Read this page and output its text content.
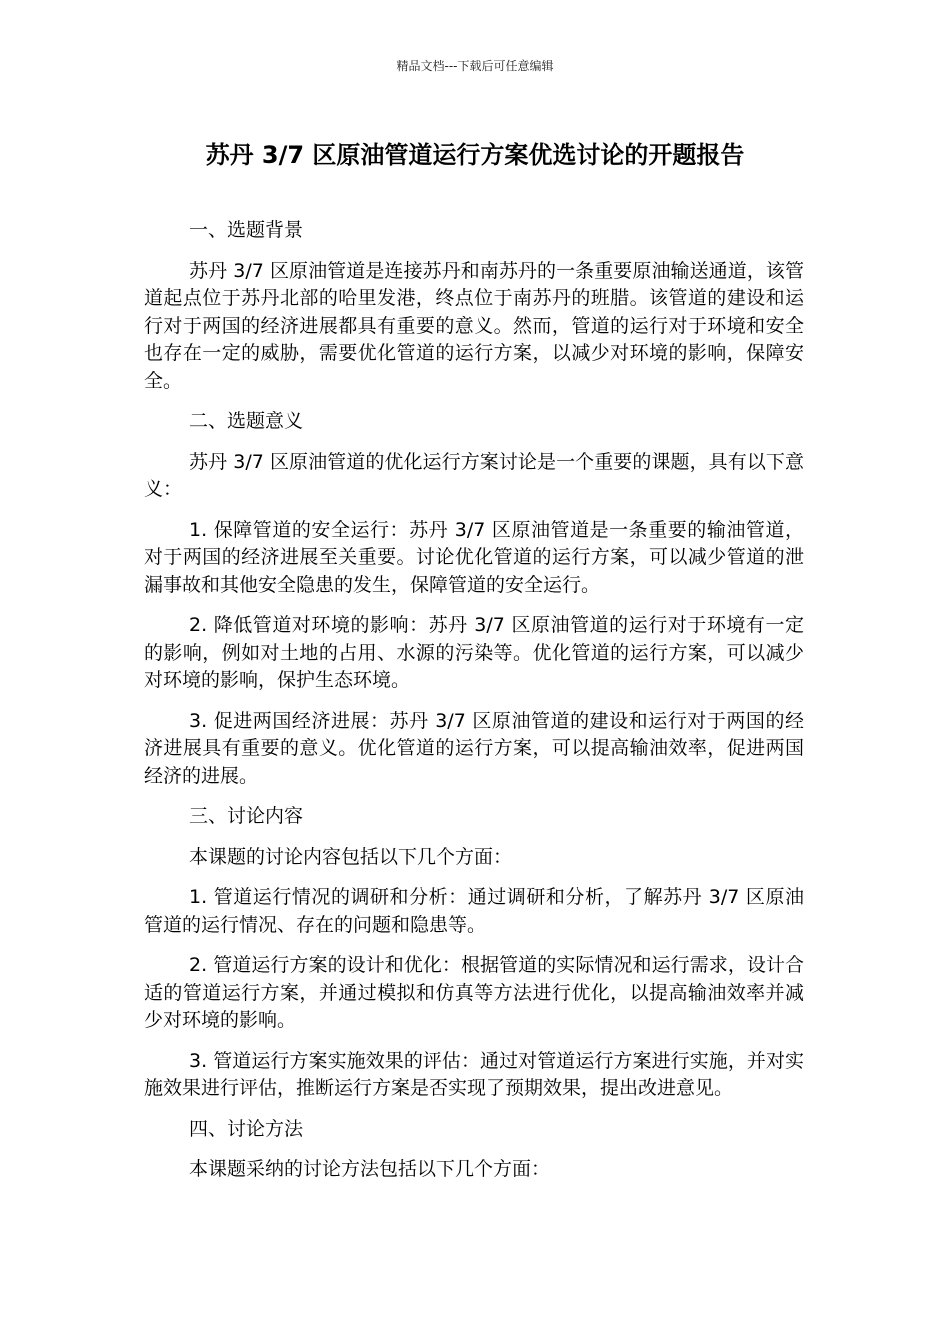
精品文档---下载后可任意编辑
苏丹 3/7 区原油管道运行方案优选讨论的开题报告

一、选题背景

苏丹 3/7 区原油管道是连接苏丹和南苏丹的一条重要原油输送通道，该管道起点位于苏丹北部的哈里发港，终点位于南苏丹的班腊。该管道的建设和运行对于两国的经济进展都具有重要的意义。然而，管道的运行对于环境和安全也存在一定的威胁，需要优化管道的运行方案，以减少对环境的影响，保障安全。

二、选题意义

苏丹 3/7 区原油管道的优化运行方案讨论是一个重要的课题，具有以下意义：

1. 保障管道的安全运行：苏丹 3/7 区原油管道是一条重要的输油管道，对于两国的经济进展至关重要。讨论优化管道的运行方案，可以减少管道的泄漏事故和其他安全隐患的发生，保障管道的安全运行。

2. 降低管道对环境的影响：苏丹 3/7 区原油管道的运行对于环境有一定的影响，例如对土地的占用、水源的污染等。优化管道的运行方案，可以减少对环境的影响，保护生态环境。

3. 促进两国经济进展：苏丹 3/7 区原油管道的建设和运行对于两国的经济进展具有重要的意义。优化管道的运行方案，可以提高输油效率，促进两国经济的进展。

三、讨论内容

本课题的讨论内容包括以下几个方面：

1. 管道运行情况的调研和分析：通过调研和分析，了解苏丹 3/7 区原油管道的运行情况、存在的问题和隐患等。

2. 管道运行方案的设计和优化：根据管道的实际情况和运行需求，设计合适的管道运行方案，并通过模拟和仿真等方法进行优化，以提高输油效率并减少对环境的影响。

3. 管道运行方案实施效果的评估：通过对管道运行方案进行实施，并对实施效果进行评估，推断运行方案是否实现了预期效果，提出改进意见。

四、讨论方法

本课题采纳的讨论方法包括以下几个方面：
